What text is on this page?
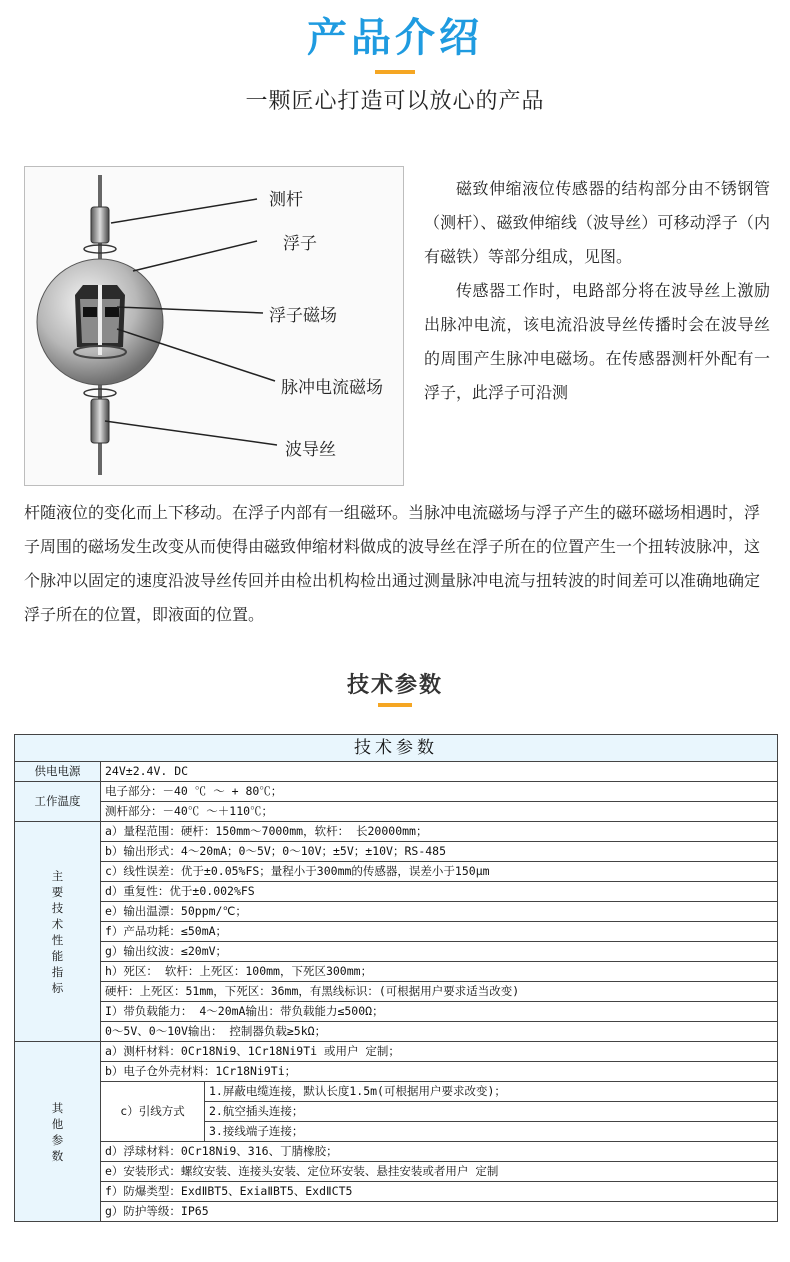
产品介绍
一颗匠心打造可以放心的产品
测杆
浮子
浮子磁场
脉冲电流磁场
波导丝

磁致伸缩液位传感器的结构部分由不锈钢管（测杆）、磁致伸缩线（波导丝）可移动浮子（内有磁铁）等部分组成，见图。

传感器工作时，电路部分将在波导丝上激励出脉冲电流，该电流沿波导丝传播时会在波导丝的周围产生脉冲电磁场。在传感器测杆外配有一浮子，此浮子可沿测

杆随液位的变化而上下移动。在浮子内部有一组磁环。当脉冲电流磁场与浮子产生的磁环磁场相遇时，浮子周围的磁场发生改变从而使得由磁致伸缩材料做成的波导丝在浮子所在的位置产生一个扭转波脉冲，这个脉冲以固定的速度沿波导丝传回并由检出机构检出通过测量脉冲电流与扭转波的时间差可以准确地确定浮子所在的位置，即液面的位置。

技术参数
技术参数		
供电电源	24V±2.4V. DC	
工作温度	电子部分：－40 ℃ ～ + 80℃；	
	测杆部分：－40℃ ～＋110℃；	

主要技术性能指标	a）量程范围：硬杆：150mm～7000mm，软杆： 长20000mm；	
	b）输出形式：4～20mA；0～5V；0～10V；±5V；±10V；RS-485	
	c）线性误差：优于±0.05%FS；量程小于300mm的传感器，误差小于150μm	
	d）重复性：优于±0.002%FS	
	e）输出温漂：50ppm/℃；	
	f）产品功耗：≤50mA；	
	g）输出纹波：≤20mV；	
	h）死区： 软杆：上死区：100mm，下死区300mm；	
	硬杆：上死区：51mm，下死区：36mm，有黑线标识：(可根据用户要求适当改变)	
	I）带负载能力： 4～20mA输出：带负载能力≤500Ω；	
	0～5V、0～10V输出： 控制器负载≥5kΩ；	

其他参数	a）测杆材料：0Cr18Ni9、1Cr18Ni9Ti 或用户 定制；	
	b）电子仓外壳材料：1Cr18Ni9Ti；	
	c）引线方式	1.屏蔽电缆连接，默认长度1.5m(可根据用户要求改变)；
		2.航空插头连接；
		3.接线端子连接；
	d）浮球材料：0Cr18Ni9、316、丁腈橡胶；	
	e）安装形式：螺纹安装、连接头安装、定位环安装、悬挂安装或者用户 定制	
	f）防爆类型：ExdⅡBT5、ExiaⅡBT5、ExdⅡCT5	
	g）防护等级：IP65	
